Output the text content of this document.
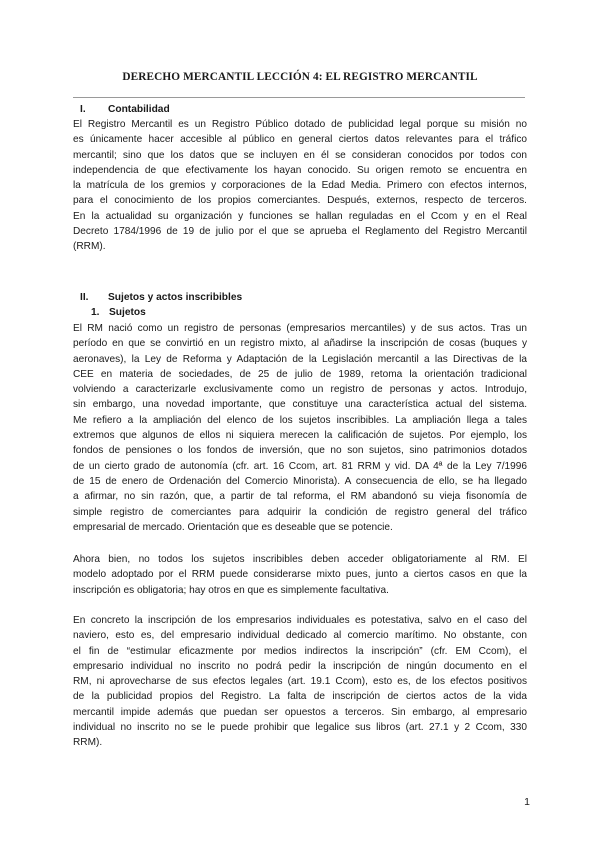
DERECHO MERCANTIL LECCIÓN 4: EL REGISTRO MERCANTIL
I. Contabilidad
El Registro Mercantil es un Registro Público dotado de publicidad legal porque su misión no
es únicamente hacer accesible al público en general ciertos datos relevantes para el tráfico
mercantil; sino que los datos que se incluyen en él se consideran conocidos por todos con
independencia de que efectivamente los hayan conocido. Su origen remoto se encuentra en
la matrícula de los gremios y corporaciones de la Edad Media. Primero con efectos internos,
para el conocimiento de los propios comerciantes. Después, externos, respecto de terceros.
En la actualidad su organización y funciones se hallan reguladas en el Ccom y en el Real
Decreto 1784/1996 de 19 de julio por el que se aprueba el Reglamento del Registro Mercantil
(RRM).
II. Sujetos y actos inscribibles
1. Sujetos
El RM nació como un registro de personas (empresarios mercantiles) y de sus actos. Tras un
período en que se convirtió en un registro mixto, al añadirse la inscripción de cosas (buques y
aeronaves), la Ley de Reforma y Adaptación de la Legislación mercantil a las Directivas de la
CEE en materia de sociedades, de 25 de julio de 1989, retoma la orientación tradicional
volviendo a caracterizarle exclusivamente como un registro de personas y actos. Introdujo,
sin embargo, una novedad importante, que constituye una característica actual del sistema.
Me refiero a la ampliación del elenco de los sujetos inscribibles. La ampliación llega a tales
extremos que algunos de ellos ni siquiera merecen la calificación de sujetos. Por ejemplo, los
fondos de pensiones o los fondos de inversión, que no son sujetos, sino patrimonios dotados
de un cierto grado de autonomía (cfr. art. 16 Ccom, art. 81 RRM y vid. DA 4ª de la Ley 7/1996
de 15 de enero de Ordenación del Comercio Minorista). A consecuencia de ello, se ha llegado
a afirmar, no sin razón, que, a partir de tal reforma, el RM abandonó su vieja fisonomía de
simple registro de comerciantes para adquirir la condición de registro general del tráfico
empresarial de mercado. Orientación que es deseable que se potencie.
Ahora bien, no todos los sujetos inscribibles deben acceder obligatoriamente al RM. El
modelo adoptado por el RRM puede considerarse mixto pues, junto a ciertos casos en que la
inscripción es obligatoria; hay otros en que es simplemente facultativa.
En concreto la inscripción de los empresarios individuales es potestativa, salvo en el caso del
naviero, esto es, del empresario individual dedicado al comercio marítimo. No obstante, con
el fin de “estimular eficazmente por medios indirectos la inscripción” (cfr. EM Ccom), el
empresario individual no inscrito no podrá pedir la inscripción de ningún documento en el
RM, ni aprovecharse de sus efectos legales (art. 19.1 Ccom), esto es, de los efectos positivos
de la publicidad propios del Registro. La falta de inscripción de ciertos actos de la vida
mercantil impide además que puedan ser opuestos a terceros. Sin embargo, al empresario
individual no inscrito no se le puede prohibir que legalice sus libros (art. 27.1 y 2 Ccom, 330
RRM).
1
